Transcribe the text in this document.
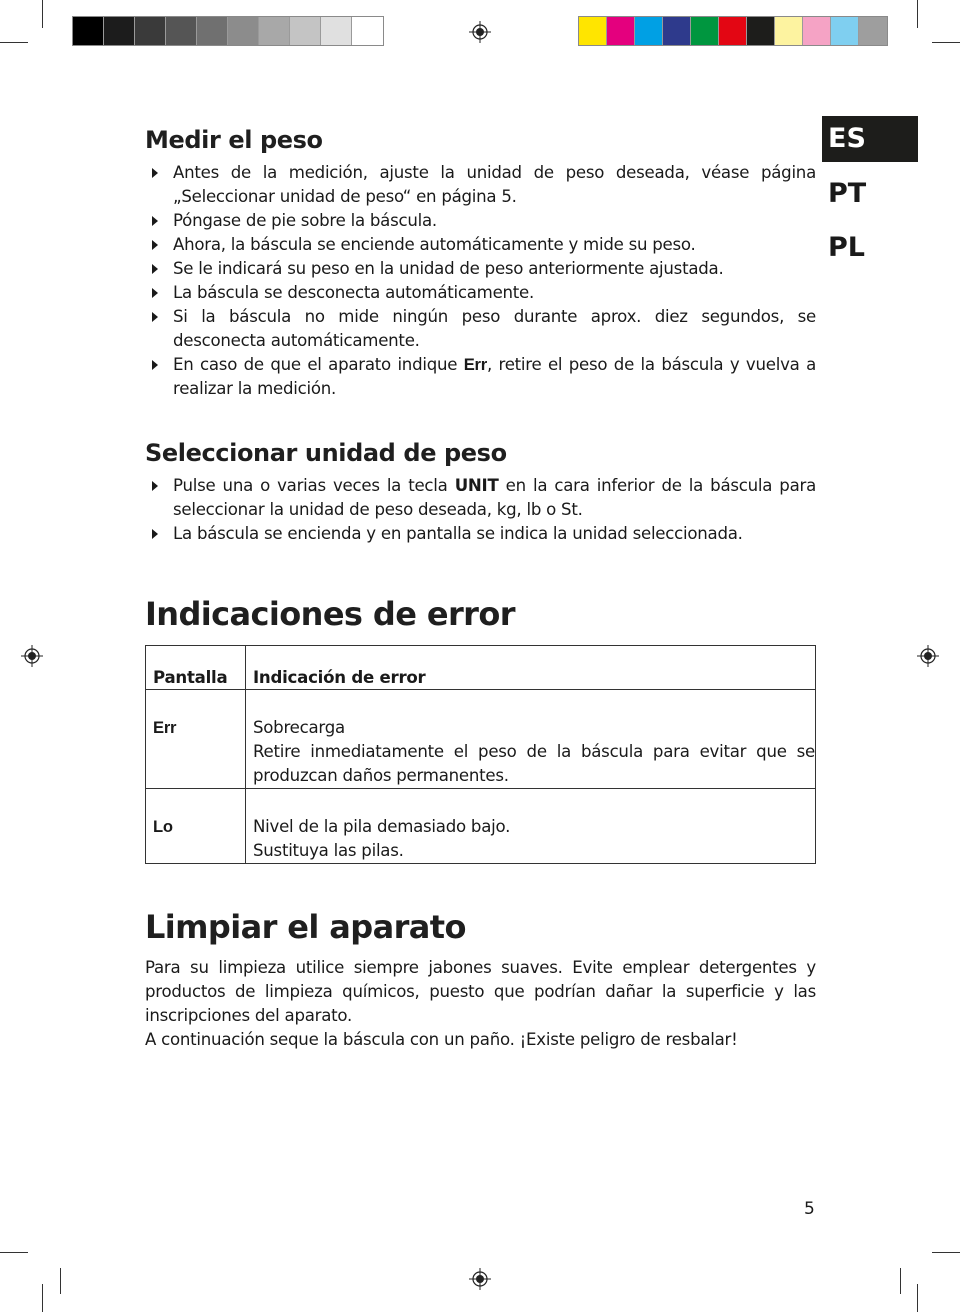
ES
PT
PL
Medir el peso
Antes de la medición, ajuste la unidad de peso deseada, véase página „Seleccionar unidad de peso“ en página 5.
Póngase de pie sobre la báscula.
Ahora, la báscula se enciende automáticamente y mide su peso.
Se le indicará su peso en la unidad de peso anteriormente ajustada.
La báscula se desconecta automáticamente.
Si la báscula no mide ningún peso durante aprox. diez segundos, se desconecta automáticamente.
En caso de que el aparato indique Err, retire el peso de la báscula y vuelva a realizar la medición.
Seleccionar unidad de peso
Pulse una o varias veces la tecla UNIT en la cara inferior de la báscula para seleccionar la unidad de peso deseada, kg, lb o St.
La báscula se encienda y en pantalla se indica la unidad seleccionada.
Indicaciones de error
Pantalla	Indicación de error
Err	Sobrecarga

Retire inmediatamente el peso de la báscula para evitar que se produzcan daños permanentes.

Lo	Nivel de la pila demasiado bajo.

Sustituya las pilas.

Limpiar el aparato

Para su limpieza utilice siempre jabones suaves. Evite emplear detergentes y productos de limpieza químicos, puesto que podrían dañar la superficie y las inscripciones del aparato.

A continuación seque la báscula con un paño. ¡Existe peligro de resbalar!

5
